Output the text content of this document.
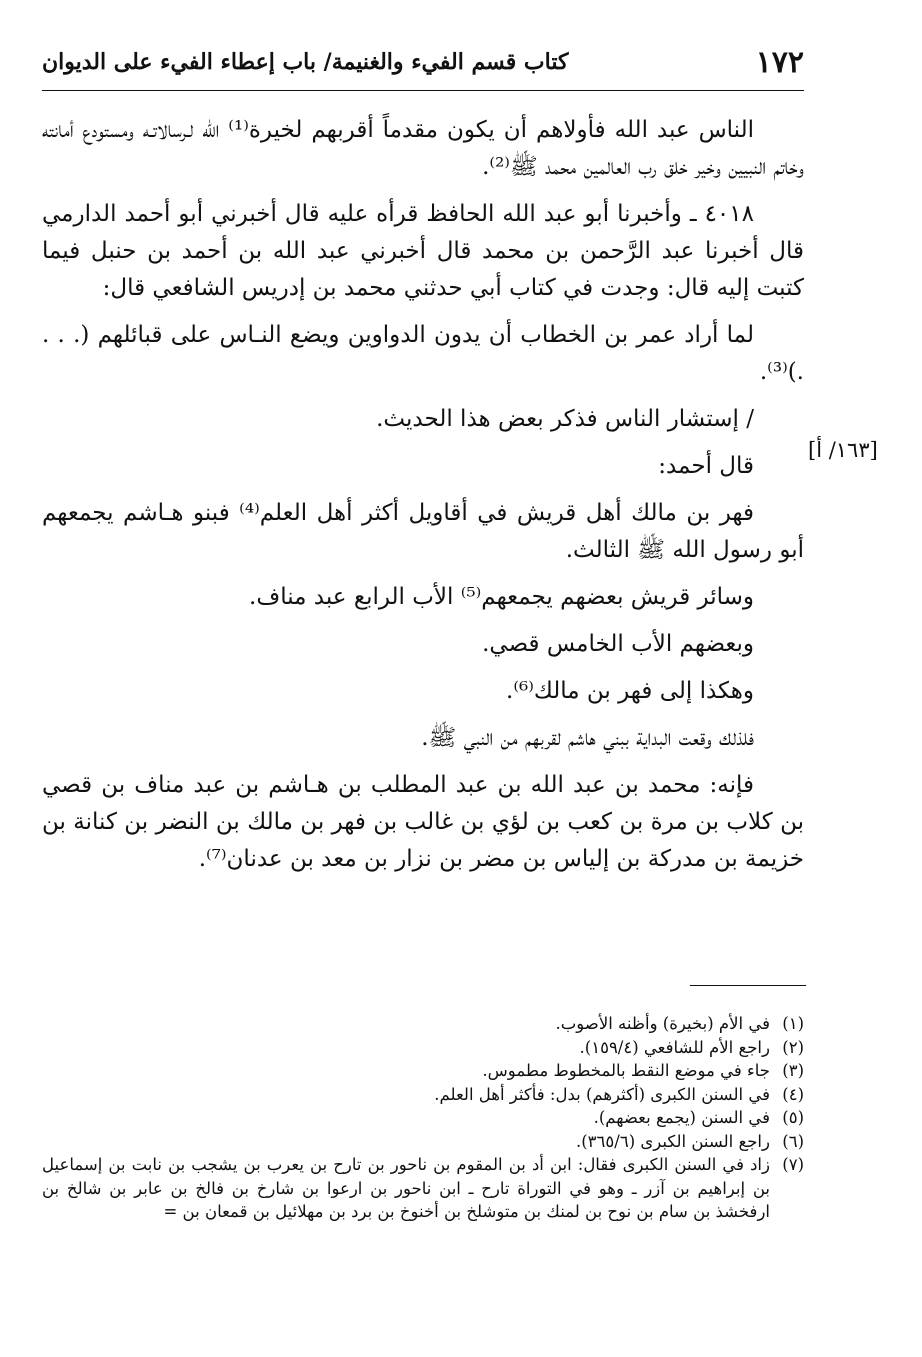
١٧٢
كتاب قسم الفيء والغنيمة/ باب إعطاء الفيء على الديوان
[١٦٣/ أ]

الناس عبد الله فأولاهم أن يكون مقدماً أقربهم لخيرة⁽¹⁾ الله لـرسالاتـه ومستودع أمانته وخاتم النبيين وخير خلق رب العالمين محمد ﷺ⁽²⁾.

٤٠١٨ ـ وأخبرنا أبو عبد الله الحافظ قرأه عليه قال أخبرني أبو أحمد الدارمي قال أخبرنا عبد الرَّحمن بن محمد قال أخبرني عبد الله بن أحمد بن حنبل فيما كتبت إليه قال: وجدت في كتاب أبي حدثني محمد بن إدريس الشافعي قال:

لما أراد عمر بن الخطاب أن يدون الدواوين ويضع النـاس على قبائلهم (. . . .)⁽³⁾.

/ إستشار الناس فذكر بعض هذا الحديث.

قال أحمد:

فهر بن مالك أهل قريش في أقاويل أكثر أهل العلم⁽⁴⁾ فبنو هـاشم يجمعهم أبو رسول الله ﷺ الثالث.

وسائر قريش بعضهم يجمعهم⁽⁵⁾ الأب الرابع عبد مناف.

وبعضهم الأب الخامس قصي.

وهكذا إلى فهر بن مالك⁽⁶⁾.

فلذلك وقعت البداية ببني هاشم لقربهم من النبي ﷺ.

فإنه: محمد بن عبد الله بن عبد المطلب بن هـاشم بن عبد مناف بن قصي بن كلاب بن مرة بن كعب بن لؤي بن غالب بن فهر بن مالك بن النضر بن كنانة بن خزيمة بن مدركة بن إلياس بن مضر بن نزار بن معد بن عدنان⁽⁷⁾.

(١)
في الأم (بخيرة) وأظنه الأصوب.
(٢)
راجع الأم للشافعي (١٥٩/٤).
(٣)
جاء في موضع النقط بالمخطوط مطموس.
(٤)
في السنن الكبرى (أكثرهم) بدل: فأكثر أهل العلم.
(٥)
في السنن (يجمع بعضهم).
(٦)
راجع السنن الكبرى (٣٦٥/٦).
(٧)
زاد في السنن الكبرى فقال: ابن أد بن المقوم بن ناحور بن تارح بن يعرب بن يشجب بن نابت بن إسماعيل بن إبراهيم بن آزر ـ وهو في التوراة تارح ـ ابن ناحور بن ارعوا بن شارخ بن فالخ بن عابر بن شالخ بن ارفخشذ بن سام بن نوح بن لمنك بن متوشلخ بن أخنوخ بن برد بن مهلائيل بن قمعان بن =
